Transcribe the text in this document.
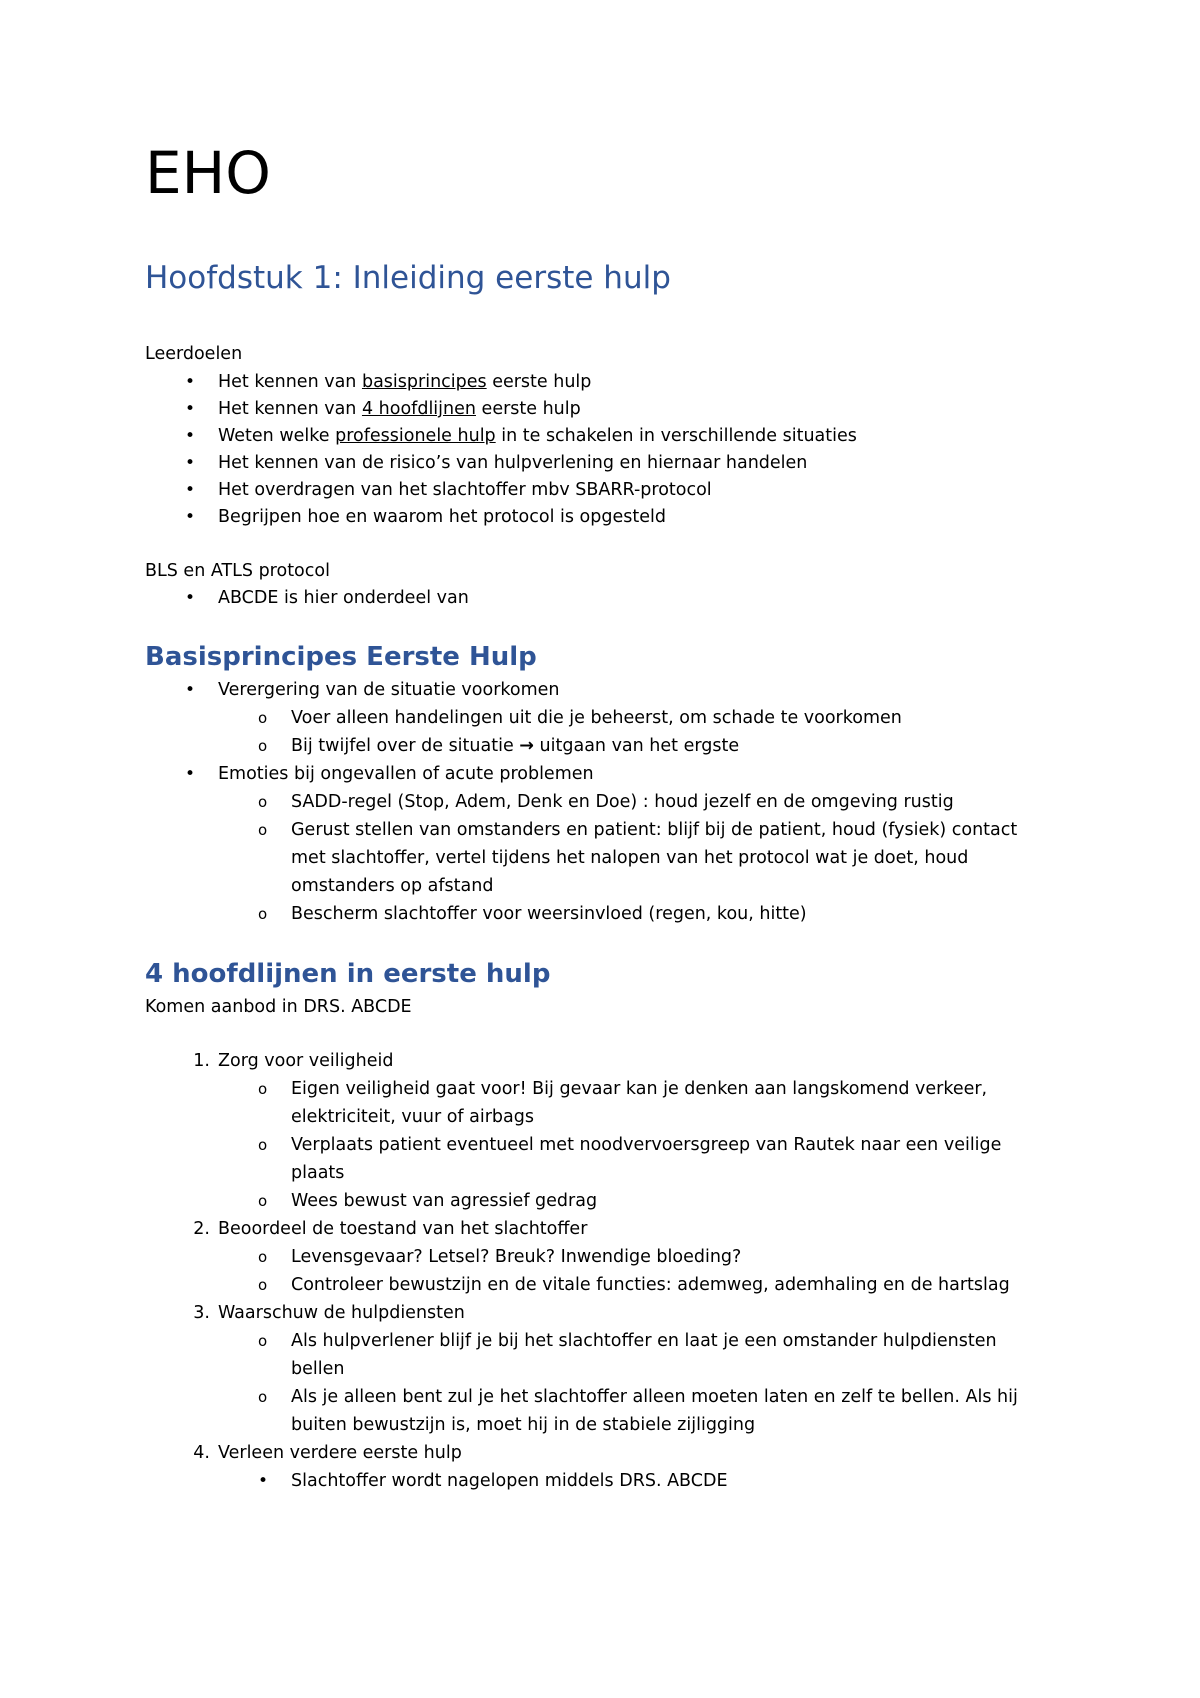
EHO
Hoofdstuk 1: Inleiding eerste hulp
Leerdoelen
• Het kennen van basisprincipes eerste hulp
• Het kennen van 4 hoofdlijnen eerste hulp
• Weten welke professionele hulp in te schakelen in verschillende situaties
• Het kennen van de risico’s van hulpverlening en hiernaar handelen
• Het overdragen van het slachtoffer mbv SBARR-protocol
• Begrijpen hoe en waarom het protocol is opgesteld
BLS en ATLS protocol
• ABCDE is hier onderdeel van
Basisprincipes Eerste Hulp
• Verergering van de situatie voorkomen
o Voer alleen handelingen uit die je beheerst, om schade te voorkomen
o Bij twijfel over de situatie → uitgaan van het ergste
• Emoties bij ongevallen of acute problemen
o SADD-regel (Stop, Adem, Denk en Doe) : houd jezelf en de omgeving rustig
o Gerust stellen van omstanders en patient: blijf bij de patient, houd (fysiek) contact
met slachtoffer, vertel tijdens het nalopen van het protocol wat je doet, houd
omstanders op afstand
o Bescherm slachtoffer voor weersinvloed (regen, kou, hitte)
4 hoofdlijnen in eerste hulp
Komen aanbod in DRS. ABCDE
1. Zorg voor veiligheid
o Eigen veiligheid gaat voor! Bij gevaar kan je denken aan langskomend verkeer,
elektriciteit, vuur of airbags
o Verplaats patient eventueel met noodvervoersgreep van Rautek naar een veilige
plaats
o Wees bewust van agressief gedrag
2. Beoordeel de toestand van het slachtoffer
o Levensgevaar? Letsel? Breuk? Inwendige bloeding?
o Controleer bewustzijn en de vitale functies: ademweg, ademhaling en de hartslag
3. Waarschuw de hulpdiensten
o Als hulpverlener blijf je bij het slachtoffer en laat je een omstander hulpdiensten
bellen
o Als je alleen bent zul je het slachtoffer alleen moeten laten en zelf te bellen. Als hij
buiten bewustzijn is, moet hij in de stabiele zijligging
4. Verleen verdere eerste hulp
• Slachtoffer wordt nagelopen middels DRS. ABCDE
